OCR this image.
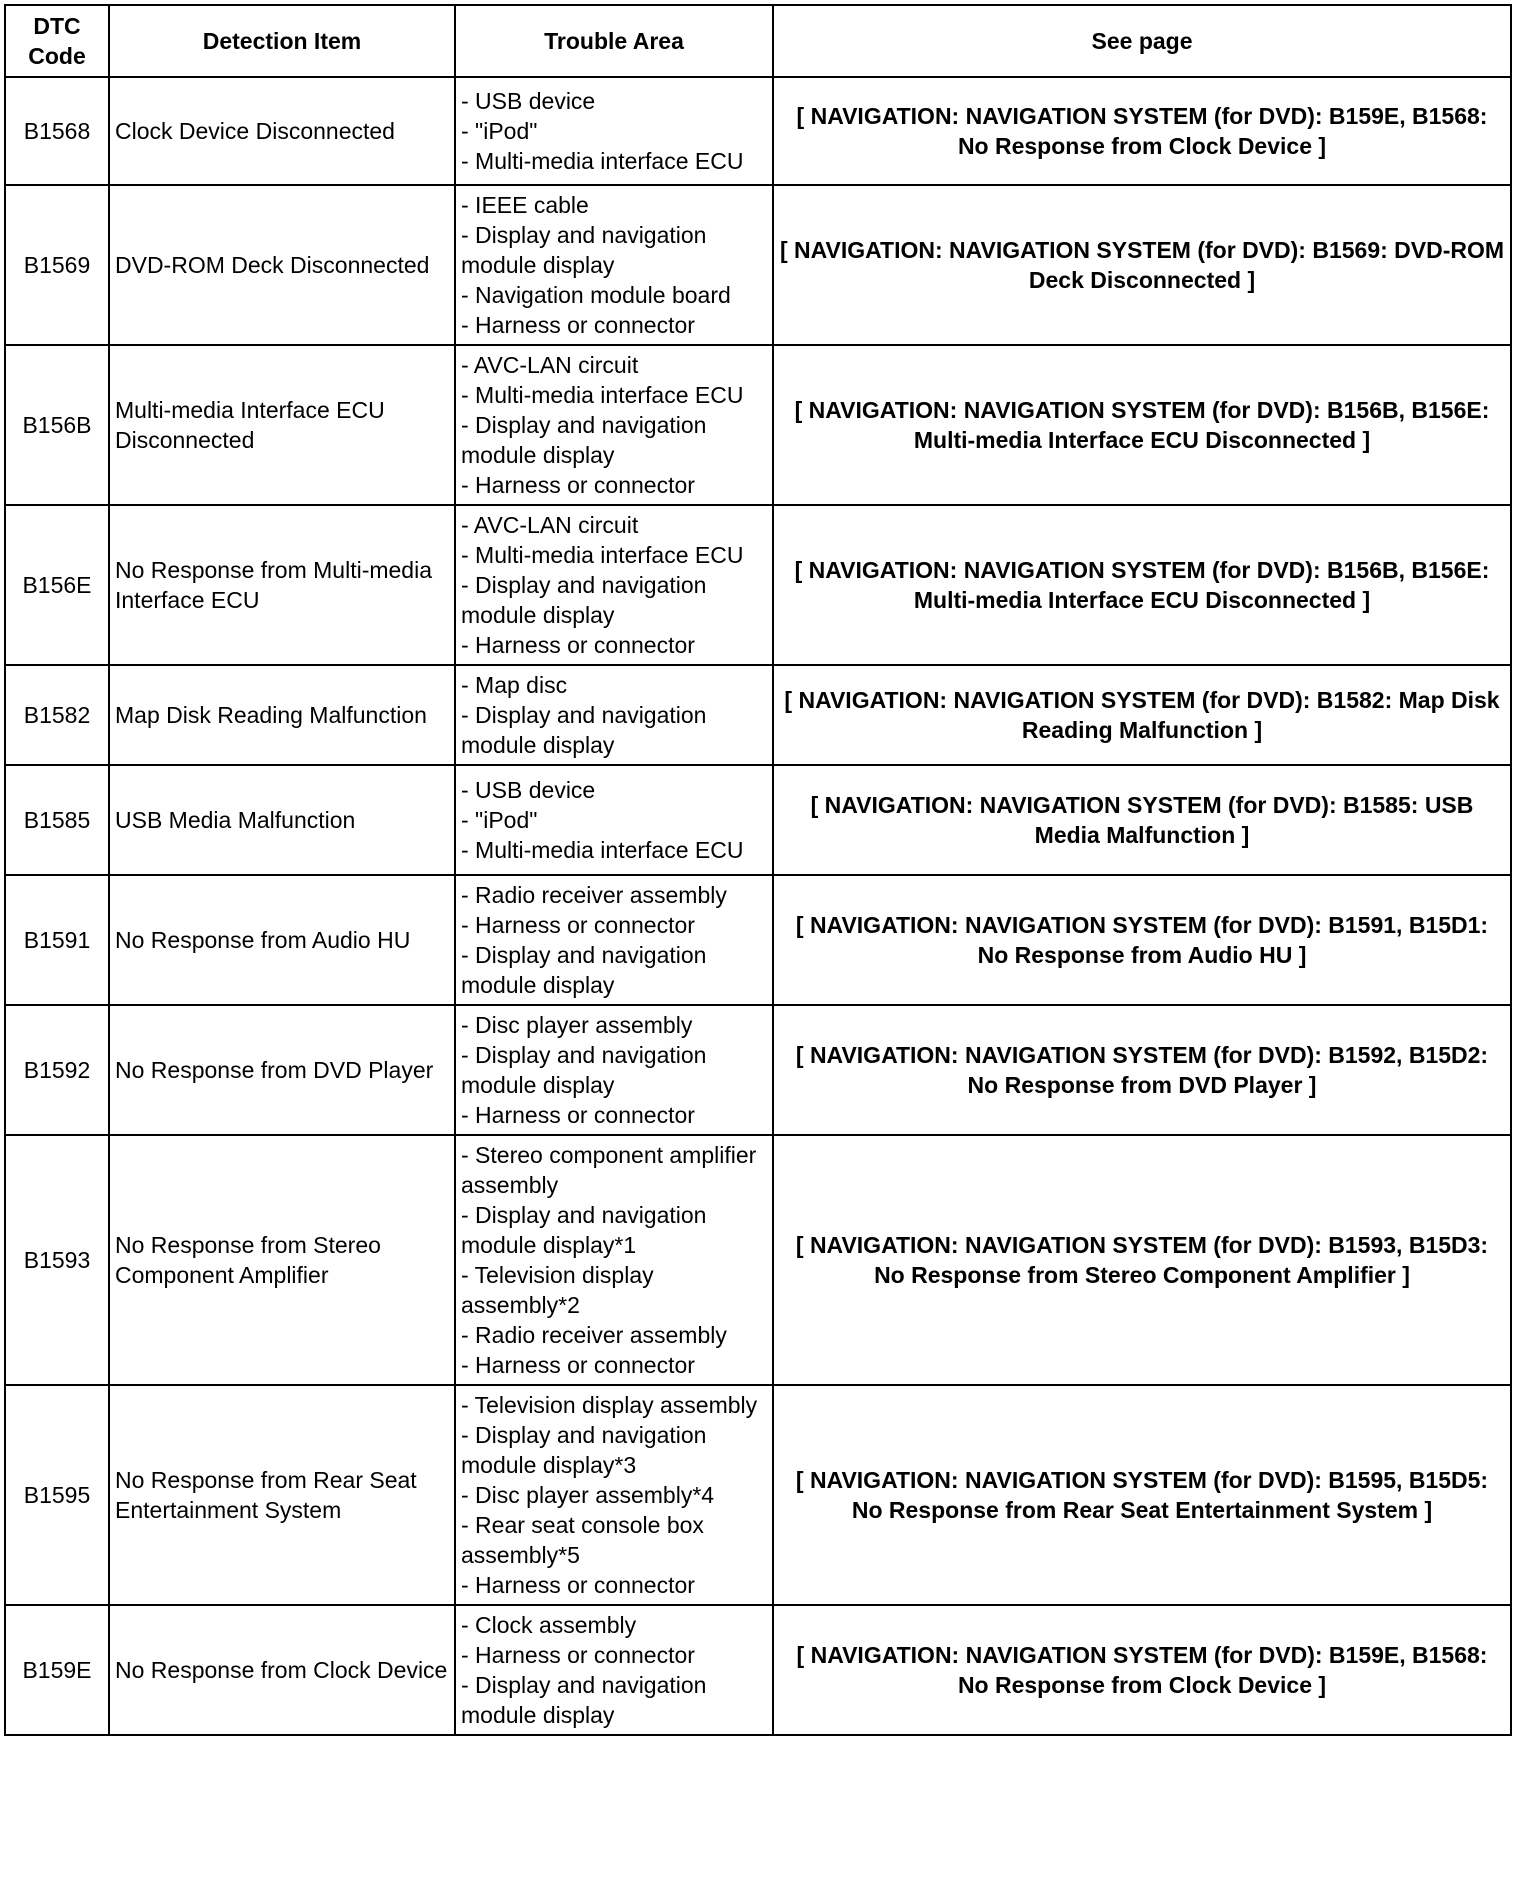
DTC Code	Detection Item	Trouble Area	See page
B1568	Clock Device Disconnected	- USB device
- "iPod"
- Multi-media interface ECU	[ NAVIGATION: NAVIGATION SYSTEM (for DVD): B159E, B1568: No Response from Clock Device ]
B1569	DVD-ROM Deck Disconnected	- IEEE cable
- Display and navigation module display
- Navigation module board
- Harness or connector	[ NAVIGATION: NAVIGATION SYSTEM (for DVD): B1569: DVD-ROM Deck Disconnected ]
B156B	Multi-media Interface ECU Disconnected	- AVC-LAN circuit
- Multi-media interface ECU
- Display and navigation module display
- Harness or connector	[ NAVIGATION: NAVIGATION SYSTEM (for DVD): B156B, B156E: Multi-media Interface ECU Disconnected ]
B156E	No Response from Multi-media Interface ECU	- AVC-LAN circuit
- Multi-media interface ECU
- Display and navigation module display
- Harness or connector	[ NAVIGATION: NAVIGATION SYSTEM (for DVD): B156B, B156E: Multi-media Interface ECU Disconnected ]
B1582	Map Disk Reading Malfunction	- Map disc
- Display and navigation module display	[ NAVIGATION: NAVIGATION SYSTEM (for DVD): B1582: Map Disk Reading Malfunction ]
B1585	USB Media Malfunction	- USB device
- "iPod"
- Multi-media interface ECU	[ NAVIGATION: NAVIGATION SYSTEM (for DVD): B1585: USB Media Malfunction ]
B1591	No Response from Audio HU	- Radio receiver assembly
- Harness or connector
- Display and navigation module display	[ NAVIGATION: NAVIGATION SYSTEM (for DVD): B1591, B15D1: No Response from Audio HU ]
B1592	No Response from DVD Player	- Disc player assembly
- Display and navigation module display
- Harness or connector	[ NAVIGATION: NAVIGATION SYSTEM (for DVD): B1592, B15D2: No Response from DVD Player ]
B1593	No Response from Stereo Component Amplifier	- Stereo component amplifier assembly
- Display and navigation module display*1
- Television display assembly*2
- Radio receiver assembly
- Harness or connector	[ NAVIGATION: NAVIGATION SYSTEM (for DVD): B1593, B15D3: No Response from Stereo Component Amplifier ]
B1595	No Response from Rear Seat Entertainment System	- Television display assembly
- Display and navigation module display*3
- Disc player assembly*4
- Rear seat console box assembly*5
- Harness or connector	[ NAVIGATION: NAVIGATION SYSTEM (for DVD): B1595, B15D5: No Response from Rear Seat Entertainment System ]
B159E	No Response from Clock Device	- Clock assembly
- Harness or connector
- Display and navigation module display	[ NAVIGATION: NAVIGATION SYSTEM (for DVD): B159E, B1568: No Response from Clock Device ]
